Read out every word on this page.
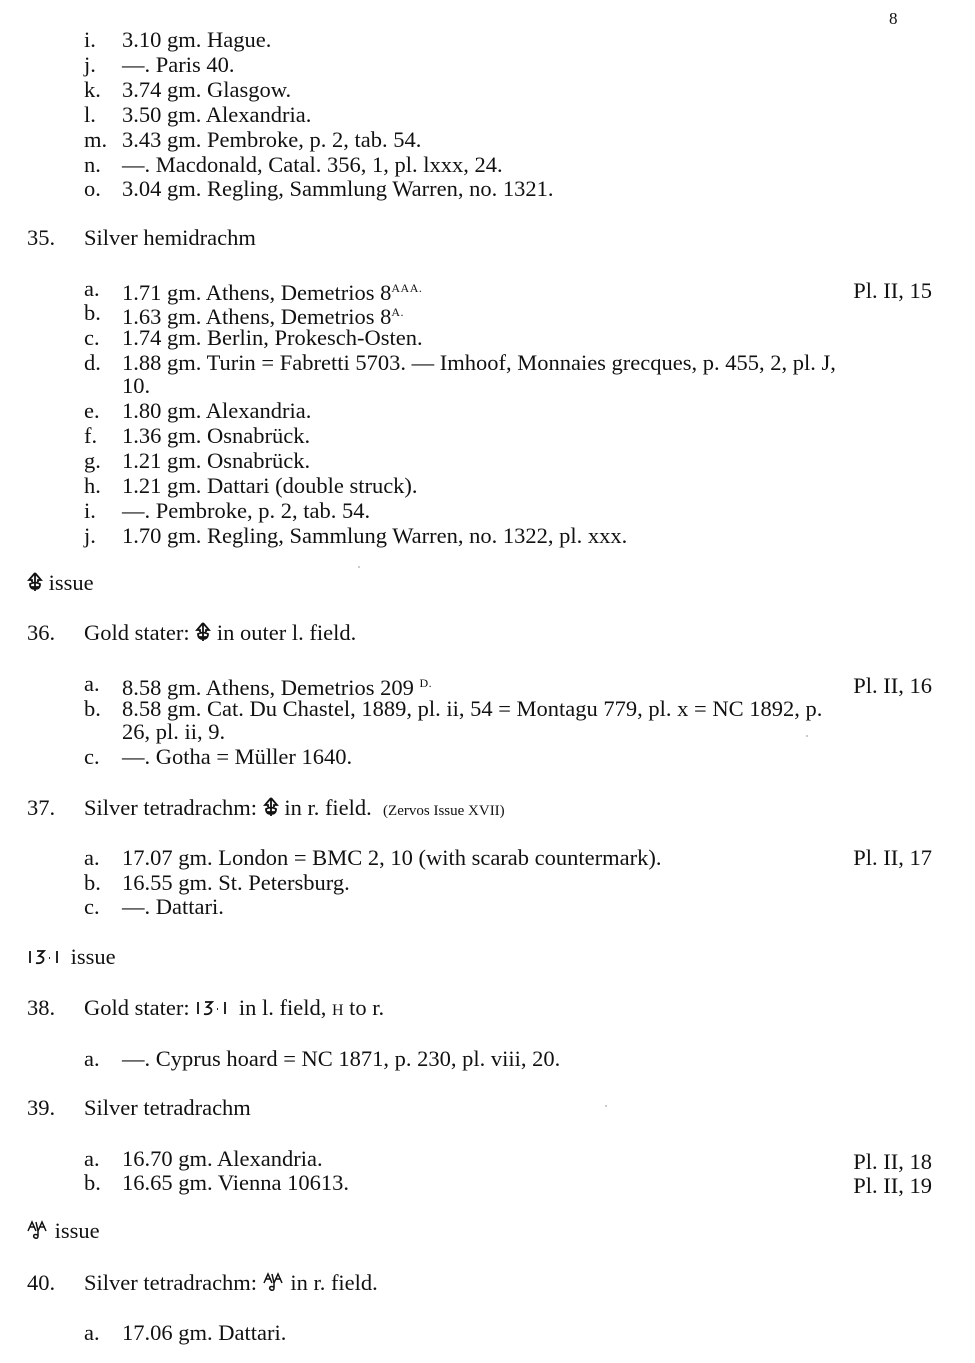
8
i. 3.10 gm. Hague.
j. —. Paris 40.
k. 3.74 gm. Glasgow.
l. 3.50 gm. Alexandria.
m. 3.43 gm. Pembroke, p. 2, tab. 54.
n. —. Macdonald, Catal. 356, 1, pl. lxxx, 24.
o. 3.04 gm. Regling, Sammlung Warren, no. 1321.
35. Silver hemidrachm
a. 1.71 gm. Athens, Demetrios $8^{AAA.}$	Pl. II, 15
b. 1.63 gm. Athens, Demetrios $8^{A.}$
c. 1.74 gm. Berlin, Prokesch-Osten.
d. 1.88 gm. Turin = Fabretti 5703. — Imhoof, Monnaies grecques, p. 455, 2, pl. J,
10.
e. 1.80 gm. Alexandria.
f. 1.36 gm. Osnabrück.
g. 1.21 gm. Osnabrück.
h. 1.21 gm. Dattari (double struck).
i. —. Pembroke, p. 2, tab. 54.
j. 1.70 gm. Regling, Sammlung Warren, no. 1322, pl. xxx.
issue
36. Gold stater: in outer l. field.
a. 8.58 gm. Athens, Demetrios 209 $^{D.}$	Pl. II, 16
b. 8.58 gm. Cat. Du Chastel, 1889, pl. ii, 54 = Montagu 779, pl. x = NC 1892, p.
26, pl. ii, 9.
c. —. Gotha = Müller 1640.
37. Silver tetradrachm: in r. field. (Zervos Issue XVII)
a. 17.07 gm. London = BMC 2, 10 (with scarab countermark).	Pl. II, 17
b. 16.55 gm. St. Petersburg.
c. —. Dattari.
issue
38. Gold stater: in l. field, H to r.
a. —. Cyprus hoard = NC 1871, p. 230, pl. viii, 20.
39. Silver tetradrachm
a. 16.70 gm. Alexandria.	Pl. II, 18
b. 16.65 gm. Vienna 10613.	Pl. II, 19
issue
40. Silver tetradrachm: in r. field.
a. 17.06 gm. Dattari.
